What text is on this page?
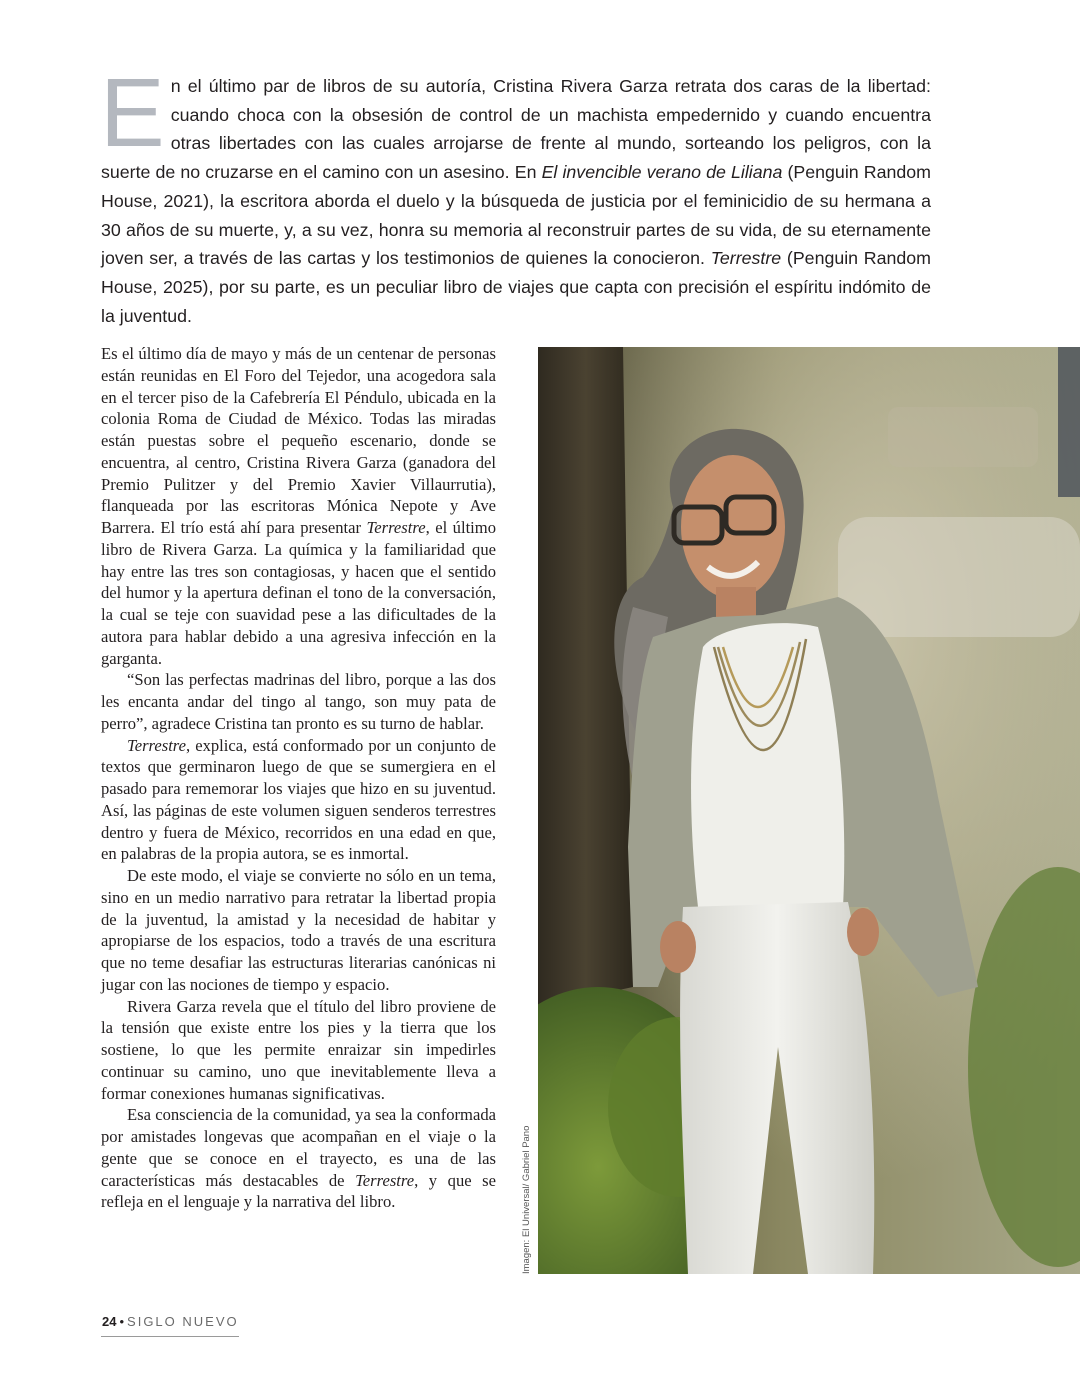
En el último par de libros de su autoría, Cristina Rivera Garza retrata dos caras de la libertad: cuando choca con la obsesión de control de un machista empedernido y cuando encuentra otras libertades con las cuales arrojarse de frente al mundo, sorteando los peligros, con la suerte de no cruzarse en el camino con un asesino. En El invencible verano de Liliana (Penguin Random House, 2021), la escritora aborda el duelo y la búsqueda de justicia por el feminicidio de su hermana a 30 años de su muerte, y, a su vez, honra su memoria al reconstruir partes de su vida, de su eternamente joven ser, a través de las cartas y los testimonios de quienes la conocieron. Terrestre (Penguin Random House, 2025), por su parte, es un peculiar libro de viajes que capta con precisión el espíritu indómito de la juventud.

Es el último día de mayo y más de un centenar de personas están reunidas en El Foro del Tejedor, una acogedora sala en el tercer piso de la Cafebrería El Péndulo, ubicada en la colonia Roma de Ciudad de México. Todas las miradas están puestas sobre el pequeño escenario, donde se encuentra, al centro, Cristina Rivera Garza (ganadora del Premio Pulitzer y del Premio Xavier Villaurrutia), flanqueada por las escritoras Mónica Nepote y Ave Barrera. El trío está ahí para presentar Terrestre, el último libro de Rivera Garza. La química y la familiaridad que hay entre las tres son contagiosas, y hacen que el sentido del humor y la apertura definan el tono de la conversación, la cual se teje con suavidad pese a las dificultades de la autora para hablar debido a una agresiva infección en la garganta.

“Son las perfectas madrinas del libro, porque a las dos les encanta andar del tingo al tango, son muy pata de perro”, agradece Cristina tan pronto es su turno de hablar.

Terrestre, explica, está conformado por un conjunto de textos que germinaron luego de que se sumergiera en el pasado para rememorar los viajes que hizo en su juventud. Así, las páginas de este volumen siguen senderos terrestres dentro y fuera de México, recorridos en una edad en que, en palabras de la propia autora, se es inmortal.

De este modo, el viaje se convierte no sólo en un tema, sino en un medio narrativo para retratar la libertad propia de la juventud, la amistad y la necesidad de habitar y apropiarse de los espacios, todo a través de una escritura que no teme desafiar las estructuras literarias canónicas ni jugar con las nociones de tiempo y espacio.

Rivera Garza revela que el título del libro proviene de la tensión que existe entre los pies y la tierra que los sostiene, lo que les permite enraizar sin impedirles continuar su camino, uno que inevitablemente lleva a formar conexiones humanas significativas.

Esa consciencia de la comunidad, ya sea la conformada por amistades longevas que acompañan en el viaje o la gente que se conoce en el trayecto, es una de las características más destacables de Terrestre, y que se refleja en el lenguaje y la narrativa del libro.	Imagen: El Universal/ Gabriel Pano
24 • SIGLO NUEVO
